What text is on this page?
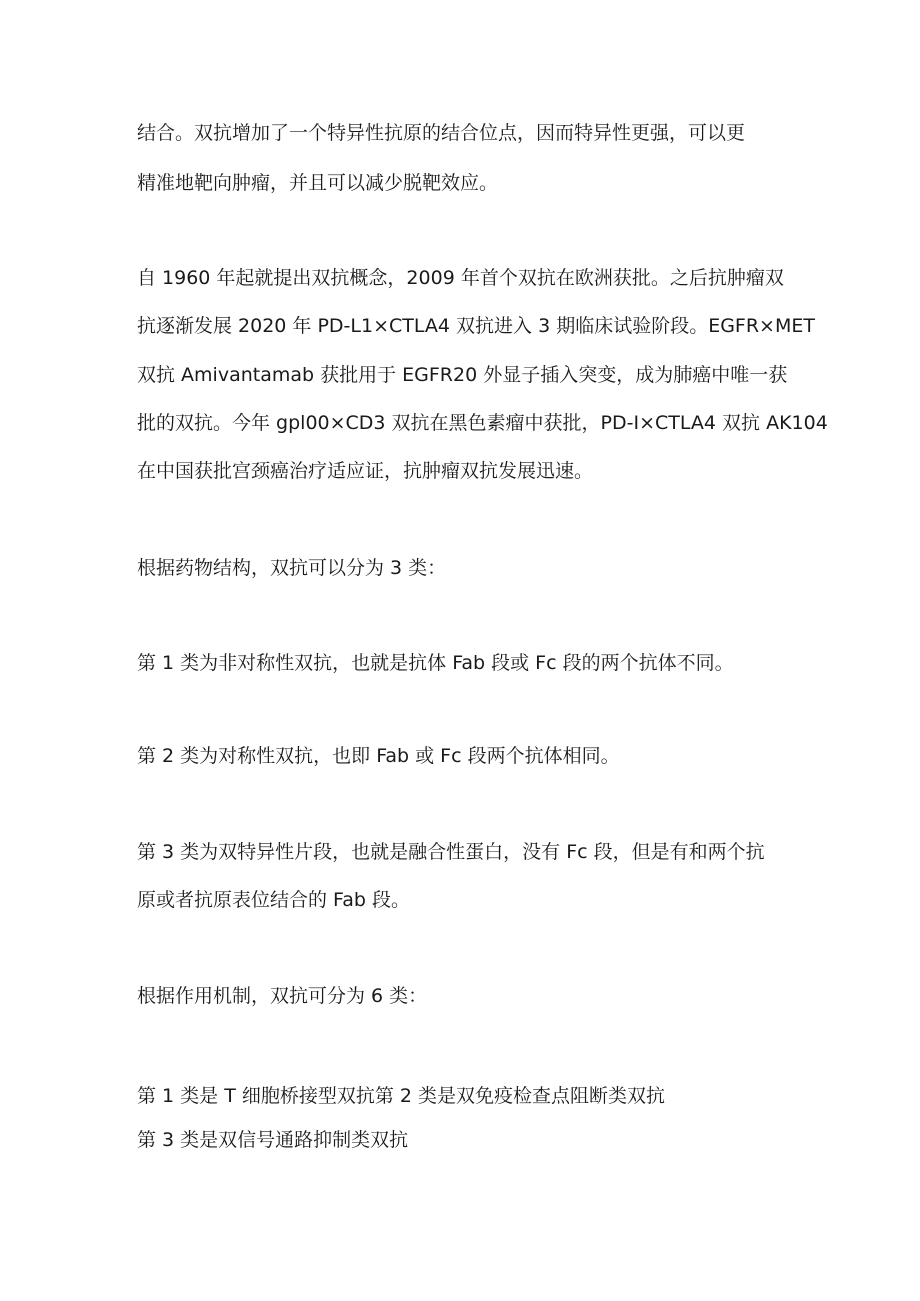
结合。双抗增加了一个特异性抗原的结合位点，因而特异性更强，可以更

精准地靶向肿瘤，并且可以减少脱靶效应。

自 1960 年起就提出双抗概念，2009 年首个双抗在欧洲获批。之后抗肿瘤双

抗逐渐发展 2020 年 PD-L1×CTLA4 双抗进入 3 期临床试验阶段。EGFR×MET

双抗 Amivantamab 获批用于 EGFR20 外显子插入突变，成为肺癌中唯一获

批的双抗。今年 gpl00×CD3 双抗在黑色素瘤中获批，PD-I×CTLA4 双抗 AK104

在中国获批宫颈癌治疗适应证，抗肿瘤双抗发展迅速。

根据药物结构，双抗可以分为 3 类：

第 1 类为非对称性双抗，也就是抗体 Fab 段或 Fc 段的两个抗体不同。

第 2 类为对称性双抗，也即 Fab 或 Fc 段两个抗体相同。

第 3 类为双特异性片段，也就是融合性蛋白，没有 Fc 段，但是有和两个抗

原或者抗原表位结合的 Fab 段。

根据作用机制，双抗可分为 6 类：

第 1 类是 T 细胞桥接型双抗第 2 类是双免疫检查点阻断类双抗

第 3 类是双信号通路抑制类双抗
